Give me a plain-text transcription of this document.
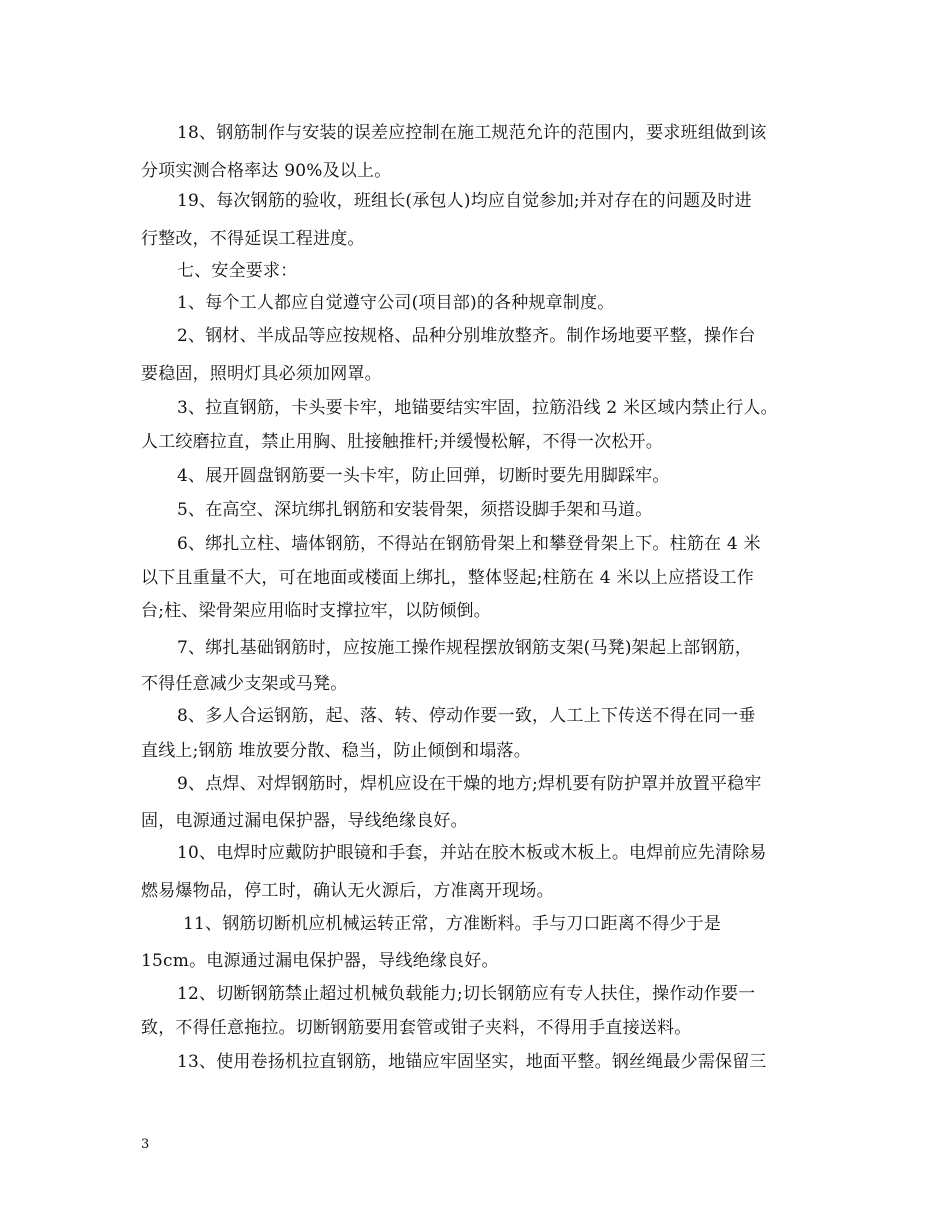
18、钢筋制作与安装的误差应控制在施工规范允许的范围内，要求班组做到该
分项实测合格率达 90%及以上。
19、每次钢筋的验收，班组长(承包人)均应自觉参加;并对存在的问题及时进
行整改，不得延误工程进度。
七、安全要求：
1、每个工人都应自觉遵守公司(项目部)的各种规章制度。
2、钢材、半成品等应按规格、品种分别堆放整齐。制作场地要平整，操作台
要稳固，照明灯具必须加网罩。
3、拉直钢筋，卡头要卡牢，地锚要结实牢固，拉筋沿线 2 米区域内禁止行人。
人工绞磨拉直，禁止用胸、肚接触推杆;并缓慢松解，不得一次松开。
4、展开圆盘钢筋要一头卡牢，防止回弹，切断时要先用脚踩牢。
5、在高空、深坑绑扎钢筋和安装骨架，须搭设脚手架和马道。
6、绑扎立柱、墙体钢筋，不得站在钢筋骨架上和攀登骨架上下。柱筋在 4 米
以下且重量不大，可在地面或楼面上绑扎，整体竖起;柱筋在 4 米以上应搭设工作
台;柱、梁骨架应用临时支撑拉牢，以防倾倒。
7、绑扎基础钢筋时，应按施工操作规程摆放钢筋支架(马凳)架起上部钢筋，
不得任意减少支架或马凳。
8、多人合运钢筋，起、落、转、停动作要一致，人工上下传送不得在同一垂
直线上;钢筋 堆放要分散、稳当，防止倾倒和塌落。
9、点焊、对焊钢筋时，焊机应设在干燥的地方;焊机要有防护罩并放置平稳牢
固，电源通过漏电保护器，导线绝缘良好。
10、电焊时应戴防护眼镜和手套，并站在胶木板或木板上。电焊前应先清除易
燃易爆物品，停工时，确认无火源后，方准离开现场。
11、钢筋切断机应机械运转正常，方准断料。手与刀口距离不得少于是
15cm。电源通过漏电保护器，导线绝缘良好。
12、切断钢筋禁止超过机械负载能力;切长钢筋应有专人扶住，操作动作要一
致，不得任意拖拉。切断钢筋要用套管或钳子夹料，不得用手直接送料。
13、使用卷扬机拉直钢筋，地锚应牢固坚实，地面平整。钢丝绳最少需保留三
3
